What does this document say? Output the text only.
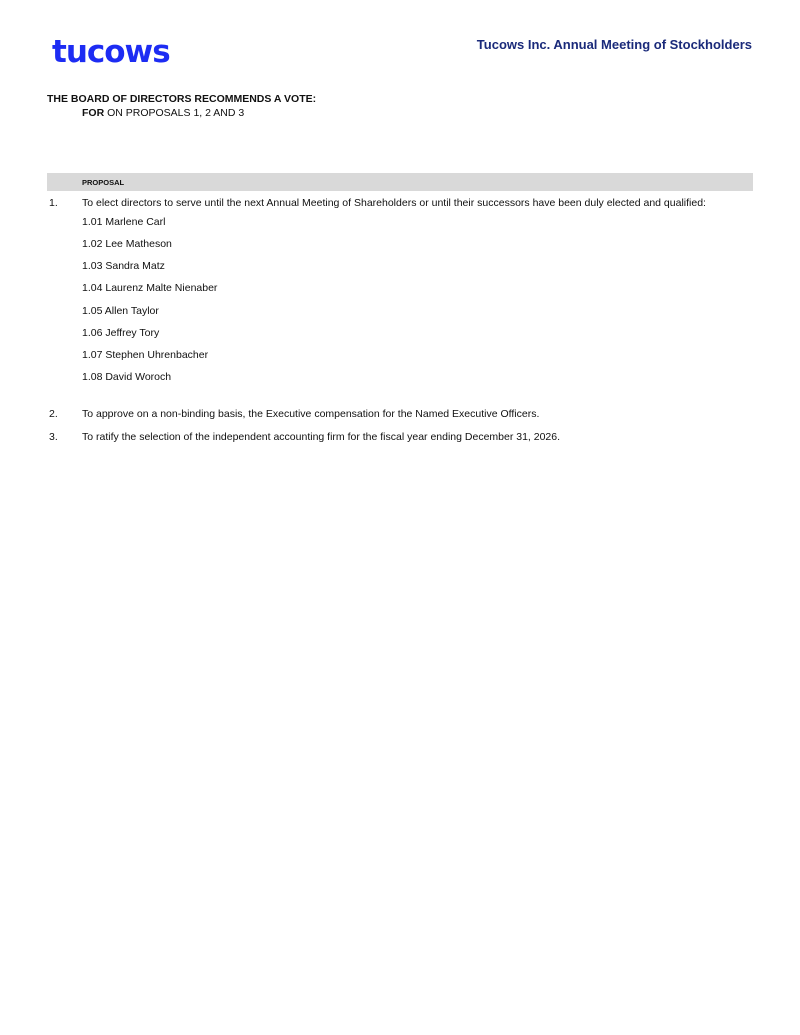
tucows	Tucows Inc. Annual Meeting of Stockholders
THE BOARD OF DIRECTORS RECOMMENDS A VOTE:
FOR ON PROPOSALS 1, 2 AND 3
PROPOSAL
1. To elect directors to serve until the next Annual Meeting of Shareholders or until their successors have been duly elected and qualified:
1.01 Marlene Carl
1.02 Lee Matheson
1.03 Sandra Matz
1.04 Laurenz Malte Nienaber
1.05 Allen Taylor
1.06 Jeffrey Tory
1.07 Stephen Uhrenbacher
1.08 David Woroch
2. To approve on a non-binding basis, the Executive compensation for the Named Executive Officers.
3. To ratify the selection of the independent accounting firm for the fiscal year ending December 31, 2026.
